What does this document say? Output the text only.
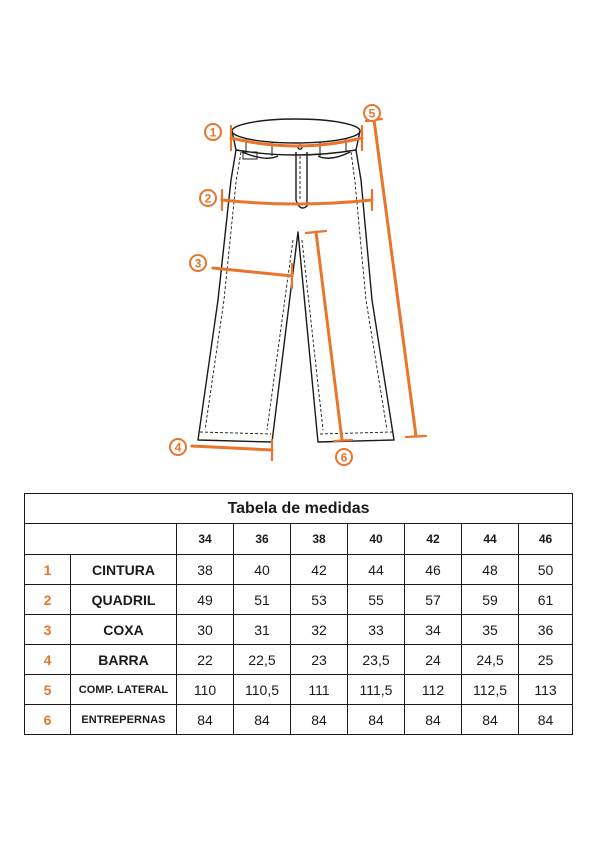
1
2
3
4
5
6
Tabela de medidas								
		34	36	38	40	42	44	46
1	CINTURA	38	40	42	44	46	48	50
2	QUADRIL	49	51	53	55	57	59	61
3	COXA	30	31	32	33	34	35	36
4	BARRA	22	22,5	23	23,5	24	24,5	25
5	COMP. LATERAL	110	110,5	111	111,5	112	112,5	113
6	ENTREPERNAS	84	84	84	84	84	84	84
